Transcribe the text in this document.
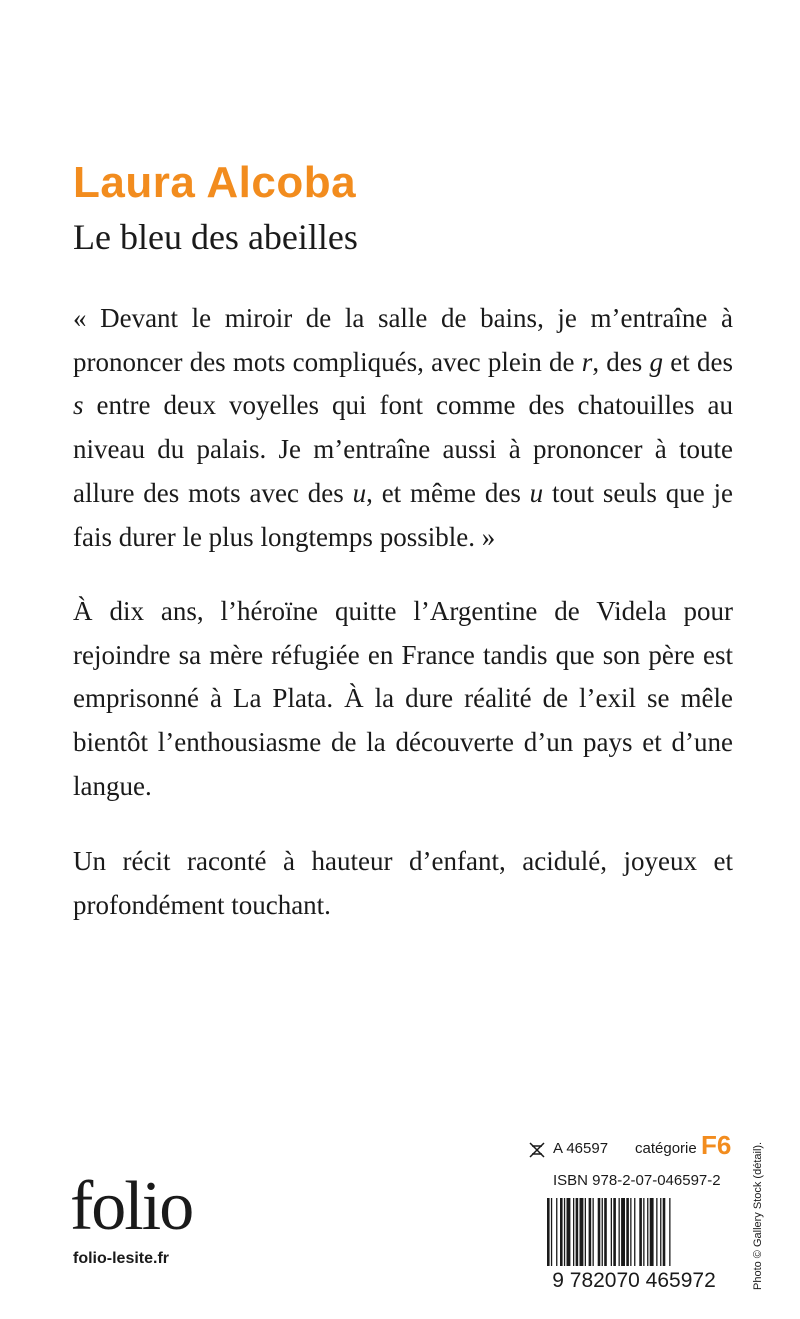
Laura Alcoba
Le bleu des abeilles

« Devant le miroir de la salle de bains, je m’entraîne à prononcer des mots compliqués, avec plein de r, des g et des s entre deux voyelles qui font comme des chatouilles au niveau du palais. Je m’entraîne aussi à prononcer à toute allure des mots avec des u, et même des u tout seuls que je fais durer le plus longtemps possible. »

À dix ans, l’héroïne quitte l’Argentine de Videla pour rejoindre sa mère réfugiée en France tandis que son père est emprisonné à La Plata. À la dure réalité de l’exil se mêle bientôt l’enthousiasme de la découverte d’un pays et d’une langue.

Un récit raconté à hauteur d’enfant, acidulé, joyeux et profondément touchant.

A 46597 catégorie F6
ISBN 978-2-07-046597-2
9 782070 465972
folio
folio-lesite.fr	Photo © Gallery Stock (détail).
